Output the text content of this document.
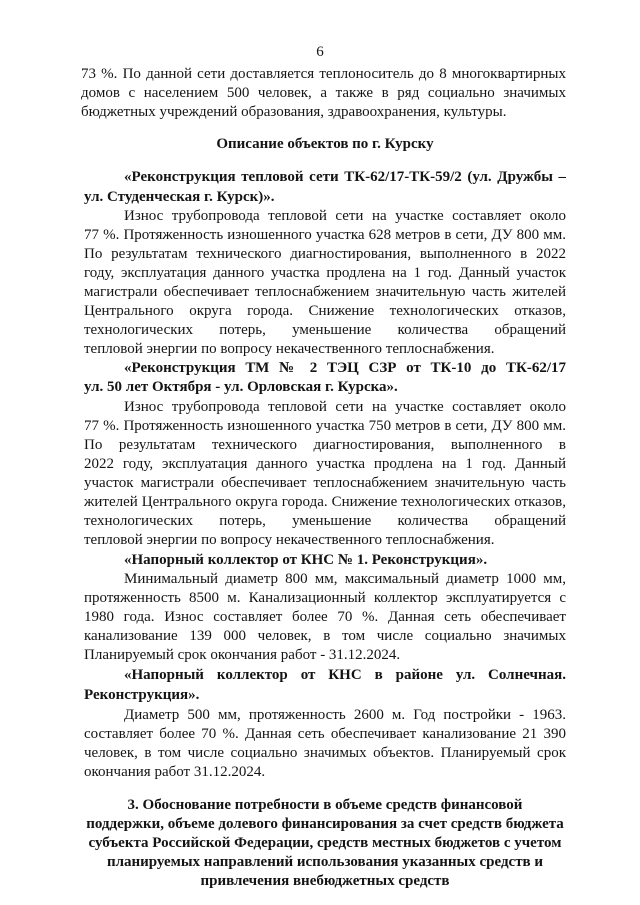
6
73 %. По данной сети доставляется теплоноситель до 8 многоквартирных
домов с населением 500 человек, а также в ряд социально значимых
бюджетных учреждений образования, здравоохранения, культуры.
Описание объектов по г. Курску
«Реконструкция тепловой сети ТК-62/17-ТК-59/2 (ул. Дружбы –
ул. Студенческая г. Курск)».
Износ трубопровода тепловой сети на участке составляет около
77 %. Протяженность изношенного участка 628 метров в сети, ДУ 800 мм.
По результатам технического диагностирования, выполненного в 2022
году, эксплуатация данного участка продлена на 1 год. Данный участок
магистрали обеспечивает теплоснабжением значительную часть жителей
Центрального округа города. Снижение технологических отказов,
технологических потерь, уменьшение количества обращений
тепловой энергии по вопросу некачественного теплоснабжения.
«Реконструкция ТМ № 2 ТЭЦ СЗР от ТК-10 до ТК-62/17
ул. 50 лет Октября - ул. Орловская г. Курска».
Износ трубопровода тепловой сети на участке составляет около
77 %. Протяженность изношенного участка 750 метров в сети, ДУ 800 мм.
По результатам технического диагностирования, выполненного в
2022 году, эксплуатация данного участка продлена на 1 год. Данный
участок магистрали обеспечивает теплоснабжением значительную часть
жителей Центрального округа города. Снижение технологических отказов,
технологических потерь, уменьшение количества обращений
тепловой энергии по вопросу некачественного теплоснабжения.
«Напорный коллектор от КНС № 1. Реконструкция».
Минимальный диаметр 800 мм, максимальный диаметр 1000 мм,
протяженность 8500 м. Канализационный коллектор эксплуатируется с
1980 года. Износ составляет более 70 %. Данная сеть обеспечивает
канализование 139 000 человек, в том числе социально значимых
Планируемый срок окончания работ - 31.12.2024.
«Напорный коллектор от КНС в районе ул. Солнечная.
Реконструкция».
Диаметр 500 мм, протяженность 2600 м. Год постройки - 1963.
составляет более 70 %. Данная сеть обеспечивает канализование 21 390
человек, в том числе социально значимых объектов. Планируемый срок
окончания работ 31.12.2024.
3. Обоснование потребности в объеме средств финансовой
поддержки, объеме долевого финансирования за счет средств бюджета
субъекта Российской Федерации, средств местных бюджетов с учетом
планируемых направлений использования указанных средств и
привлечения внебюджетных средств
